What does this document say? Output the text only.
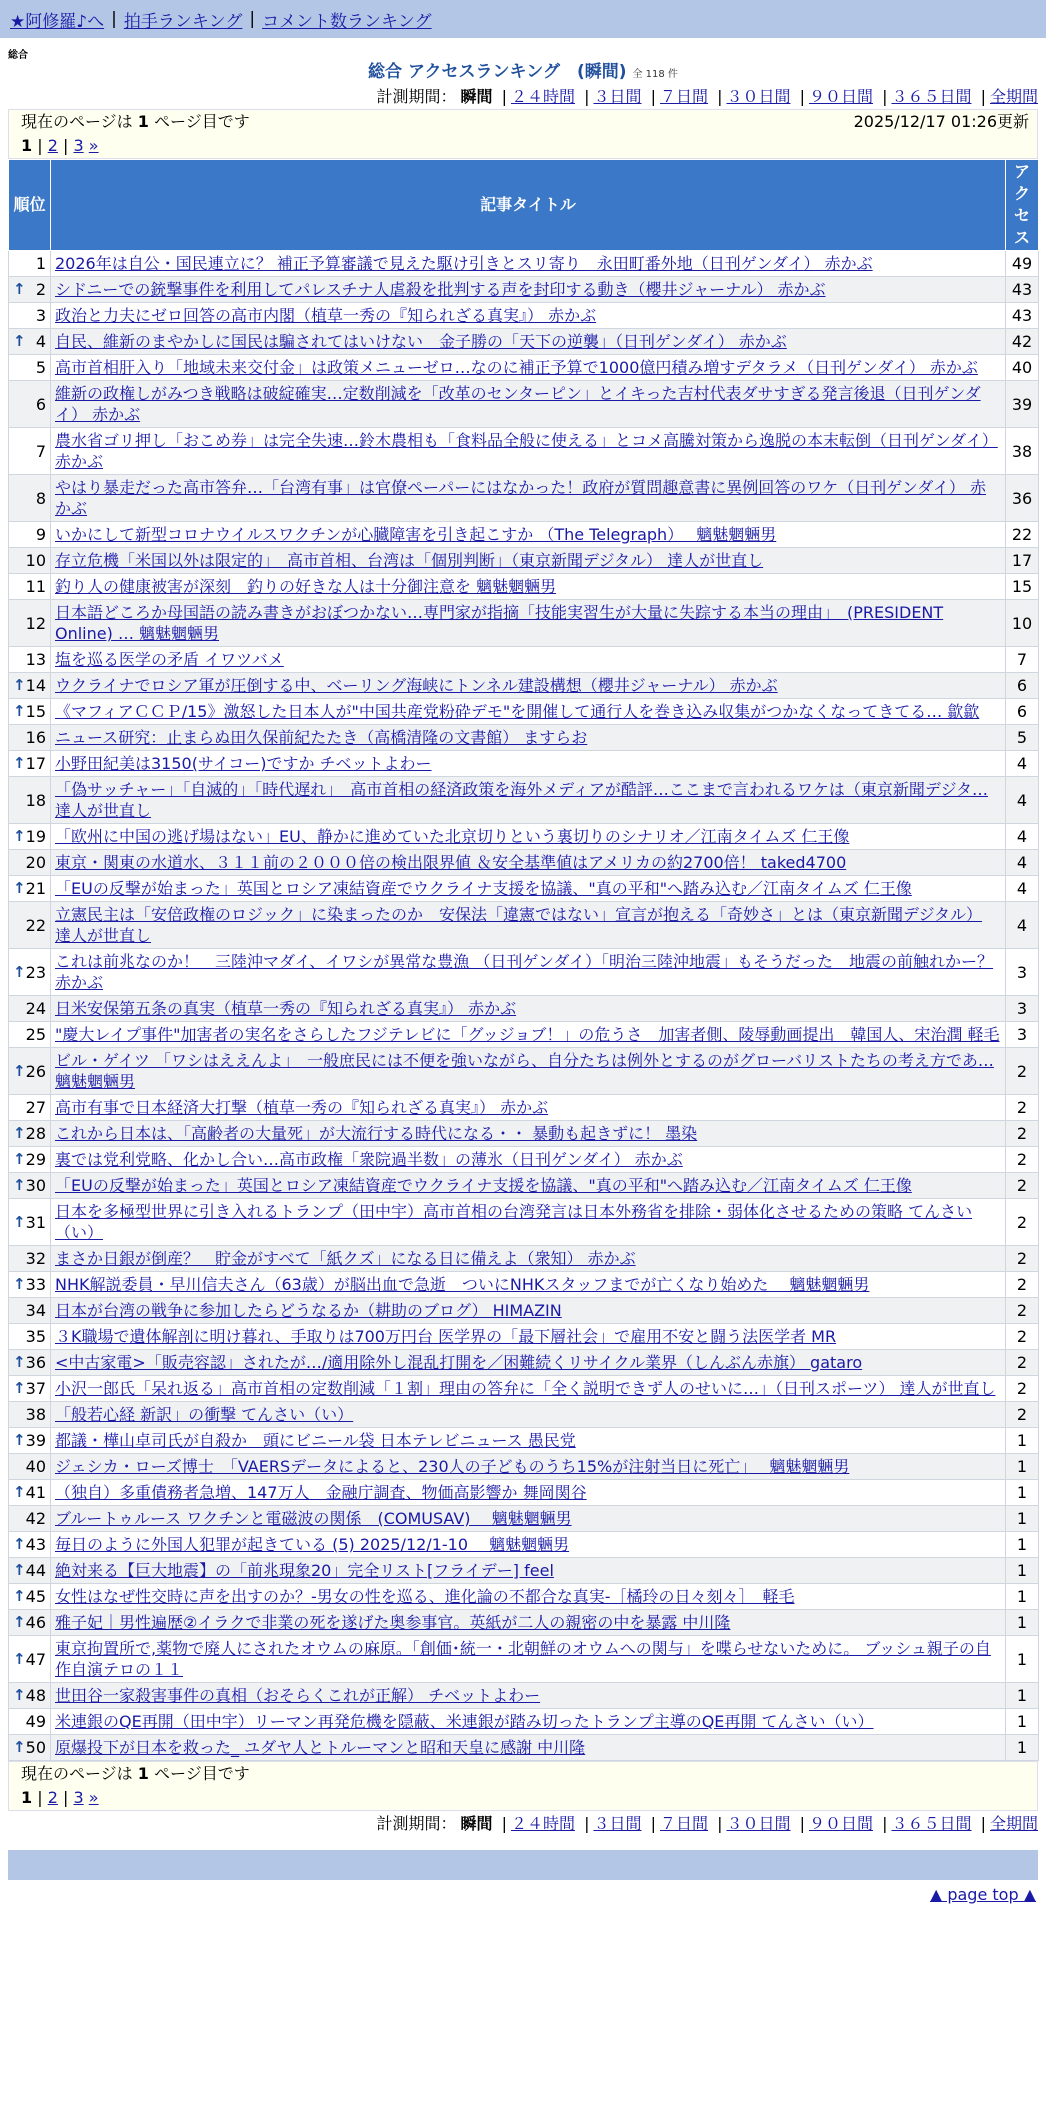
★阿修羅♪へ | 拍手ランキング | コメント数ランキング
総合
総合 アクセスランキング　(瞬間) 全 118 件
計測期間： 瞬間 | ２４時間 | ３日間 | ７日間 | ３０日間 | ９０日間 | ３６５日間 | 全期間
現在のページは 1 ページ目です	2025/12/17 01:26更新
1 | 2 | 3 »
順位	記事タイトル	アクセス
1	2026年は自公・国民連立に？ 補正予算審議で見えた駆け引きとスリ寄り　永田町番外地（日刊ゲンダイ） 赤かぶ	49

↑ 2	シドニーでの銃撃事件を利用してパレスチナ人虐殺を批判する声を封印する動き（櫻井ジャーナル） 赤かぶ	43
3	政治と力夫にゼロ回答の高市内閣（植草一秀の『知られざる真実』） 赤かぶ	43

↑ 4	自民、維新のまやかしに国民は騙されてはいけない　金子勝の「天下の逆襲」（日刊ゲンダイ） 赤かぶ	42
5	高市首相肝入り「地域未来交付金」は政策メニューゼロ…なのに補正予算で1000億円積み増すデタラメ（日刊ゲンダイ） 赤かぶ	40
6	維新の政権しがみつき戦略は破綻確実…定数削減を「改革のセンターピン」とイキった吉村代表ダサすぎる発言後退（日刊ゲンダイ） 赤かぶ	39
7	農水省ゴリ押し「おこめ券」は完全失速…鈴木農相も「食料品全般に使える」とコメ高騰対策から逸脱の本末転倒（日刊ゲンダイ） 赤かぶ	38
8	やはり暴走だった高市答弁…「台湾有事」は官僚ペーパーにはなかった！政府が質問趣意書に異例回答のワケ（日刊ゲンダイ） 赤かぶ	36
9	いかにして新型コロナウイルスワクチンが心臓障害を引き起こすか （The Telegraph）　 魑魅魍魎男	22
10	存立危機「米国以外は限定的」　高市首相、台湾は「個別判断」（東京新聞デジタル） 達人が世直し	17
11	釣り人の健康被害が深刻　釣りの好きな人は十分御注意を 魑魅魍魎男	15
12	日本語どころか母国語の読み書きがおぼつかない…専門家が指摘「技能実習生が大量に失踪する本当の理由」　(PRESIDENT Online) … 魑魅魍魎男	10
13	塩を巡る医学の矛盾 イワツバメ	7

↑ 14	ウクライナでロシア軍が圧倒する中、ベーリング海峡にトンネル建設構想（櫻井ジャーナル） 赤かぶ	6

↑ 15	《マフィアＣＣＰ/15》激怒した日本人が"中国共産党粉砕デモ"を開催して通行人を巻き込み収集がつかなくなってきてる… 歙歙	6
16	ニュース研究：止まらぬ田久保前紀たたき（高橋清隆の文書館） ますらお	5

↑ 17	小野田紀美は3150(サイコー)ですか チベットよわー	4
18	「偽サッチャー」「自滅的」「時代遅れ」　高市首相の経済政策を海外メディアが酷評…ここまで言われるワケは（東京新聞デジタ… 達人が世直し	4

↑ 19	「欧州に中国の逃げ場はない」EU、静かに進めていた北京切りという裏切りのシナリオ／江南タイムズ 仁王像	4
20	東京・関東の水道水、３１１前の２０００倍の検出限界値 ＆安全基準値はアメリカの約2700倍！ taked4700	4

↑ 21	「EUの反撃が始まった」英国とロシア凍結資産でウクライナ支援を協議、"真の平和"へ踏み込む／江南タイムズ 仁王像	4
22	立憲民主は「安倍政権のロジック」に染まったのか　安保法「違憲ではない」宣言が抱える「奇妙さ」とは（東京新聞デジタル） 達人が世直し	4

↑ 23	これは前兆なのか！　三陸沖マダイ、イワシが異常な豊漁 （日刊ゲンダイ）「明治三陸沖地震」もそうだった　地震の前触れかー？ 赤かぶ	3
24	日米安保第五条の真実（植草一秀の『知られざる真実』） 赤かぶ	3
25	"慶大レイプ事件"加害者の実名をさらしたフジテレビに「グッジョブ！」の危うさ　加害者側、陵辱動画提出　韓国人、宋治潤 軽毛	3

↑ 26	ビル・ゲイツ 「ワシはええんよ」　一般庶民には不便を強いながら、自分たちは例外とするのがグローバリストたちの考え方であ… 魑魅魍魎男	2
27	高市有事で日本経済大打撃（植草一秀の『知られざる真実』） 赤かぶ	2

↑ 28	これから日本は、「高齢者の大量死」が大流行する時代になる・・ 暴動も起きずに！ 墨染	2

↑ 29	裏では党利党略、化かし合い…高市政権「衆院過半数」の薄氷（日刊ゲンダイ） 赤かぶ	2

↑ 30	「EUの反撃が始まった」英国とロシア凍結資産でウクライナ支援を協議、"真の平和"へ踏み込む／江南タイムズ 仁王像	2

↑ 31	日本を多極型世界に引き入れるトランプ（田中宇）高市首相の台湾発言は日本外務省を排除・弱体化させるための策略 てんさい（い）	2
32	まさか日銀が倒産？　貯金がすべて「紙クズ」になる日に備えよ（衆知） 赤かぶ	2

↑ 33	NHK解説委員・早川信夫さん（63歳）が脳出血で急逝　ついにNHKスタッフまでが亡くなり始めた　 魑魅魍魎男	2
34	日本が台湾の戦争に参加したらどうなるか（耕助のブログ） HIMAZIN	2
35	３K職場で遺体解剖に明け暮れ、手取りは700万円台 医学界の「最下層社会」で雇用不安と闘う法医学者 MR	2

↑ 36	<中古家電>「販売容認」されたが…/適用除外し混乱打開を／困難続くリサイクル業界（しんぶん赤旗） gataro	2

↑ 37	小沢一郎氏「呆れ返る」高市首相の定数削減「１割」理由の答弁に「全く説明できず人のせいに…」（日刊スポーツ） 達人が世直し	2
38	「般若心経 新訳」の衝撃 てんさい（い）	2

↑ 39	都議・樺山卓司氏が自殺か　頭にビニール袋 日本テレビニュース 愚民党	1
40	ジェシカ・ローズ博士　「VAERSデータによると、230人の子どものうち15%が注射当日に死亡」　 魑魅魍魎男	1

↑ 41	（独自）多重債務者急増、147万人　金融庁調査、物価高影響か 舞岡関谷	1
42	ブルートゥルース ワクチンと電磁波の関係　(COMUSAV)　 魑魅魍魎男	1

↑ 43	毎日のように外国人犯罪が起きている (5) 2025/12/1-10　 魑魅魍魎男	1

↑ 44	絶対来る【巨大地震】の「前兆現象20」完全リスト[フライデー] feel	1

↑ 45	女性はなぜ性交時に声を出すのか？-男女の性を巡る、進化論の不都合な真実-［橘玲の日々刻々］　軽毛	1

↑ 46	雅子妃｜男性遍歴②イラクで非業の死を遂げた奥参事官。英紙が二人の親密の中を暴露 中川隆	1

↑ 47	東京拘置所で,薬物で廃人にされたオウムの麻原。「創価･統一・北朝鮮のオウムへの関与」を喋らせないために。 ブッシュ親子の自作自演テロの１１	1

↑ 48	世田谷一家殺害事件の真相（おそらくこれが正解） チベットよわー	1
49	米連銀のQE再開（田中宇）リーマン再発危機を隠蔽、米連銀が踏み切ったトランプ主導のQE再開 てんさい（い）	1

↑ 50	原爆投下が日本を救った_ ユダヤ人とトルーマンと昭和天皇に感謝 中川隆	1
現在のページは 1 ページ目です
1 | 2 | 3 »
計測期間： 瞬間 | ２４時間 | ３日間 | ７日間 | ３０日間 | ９０日間 | ３６５日間 | 全期間
▲ page top ▲
